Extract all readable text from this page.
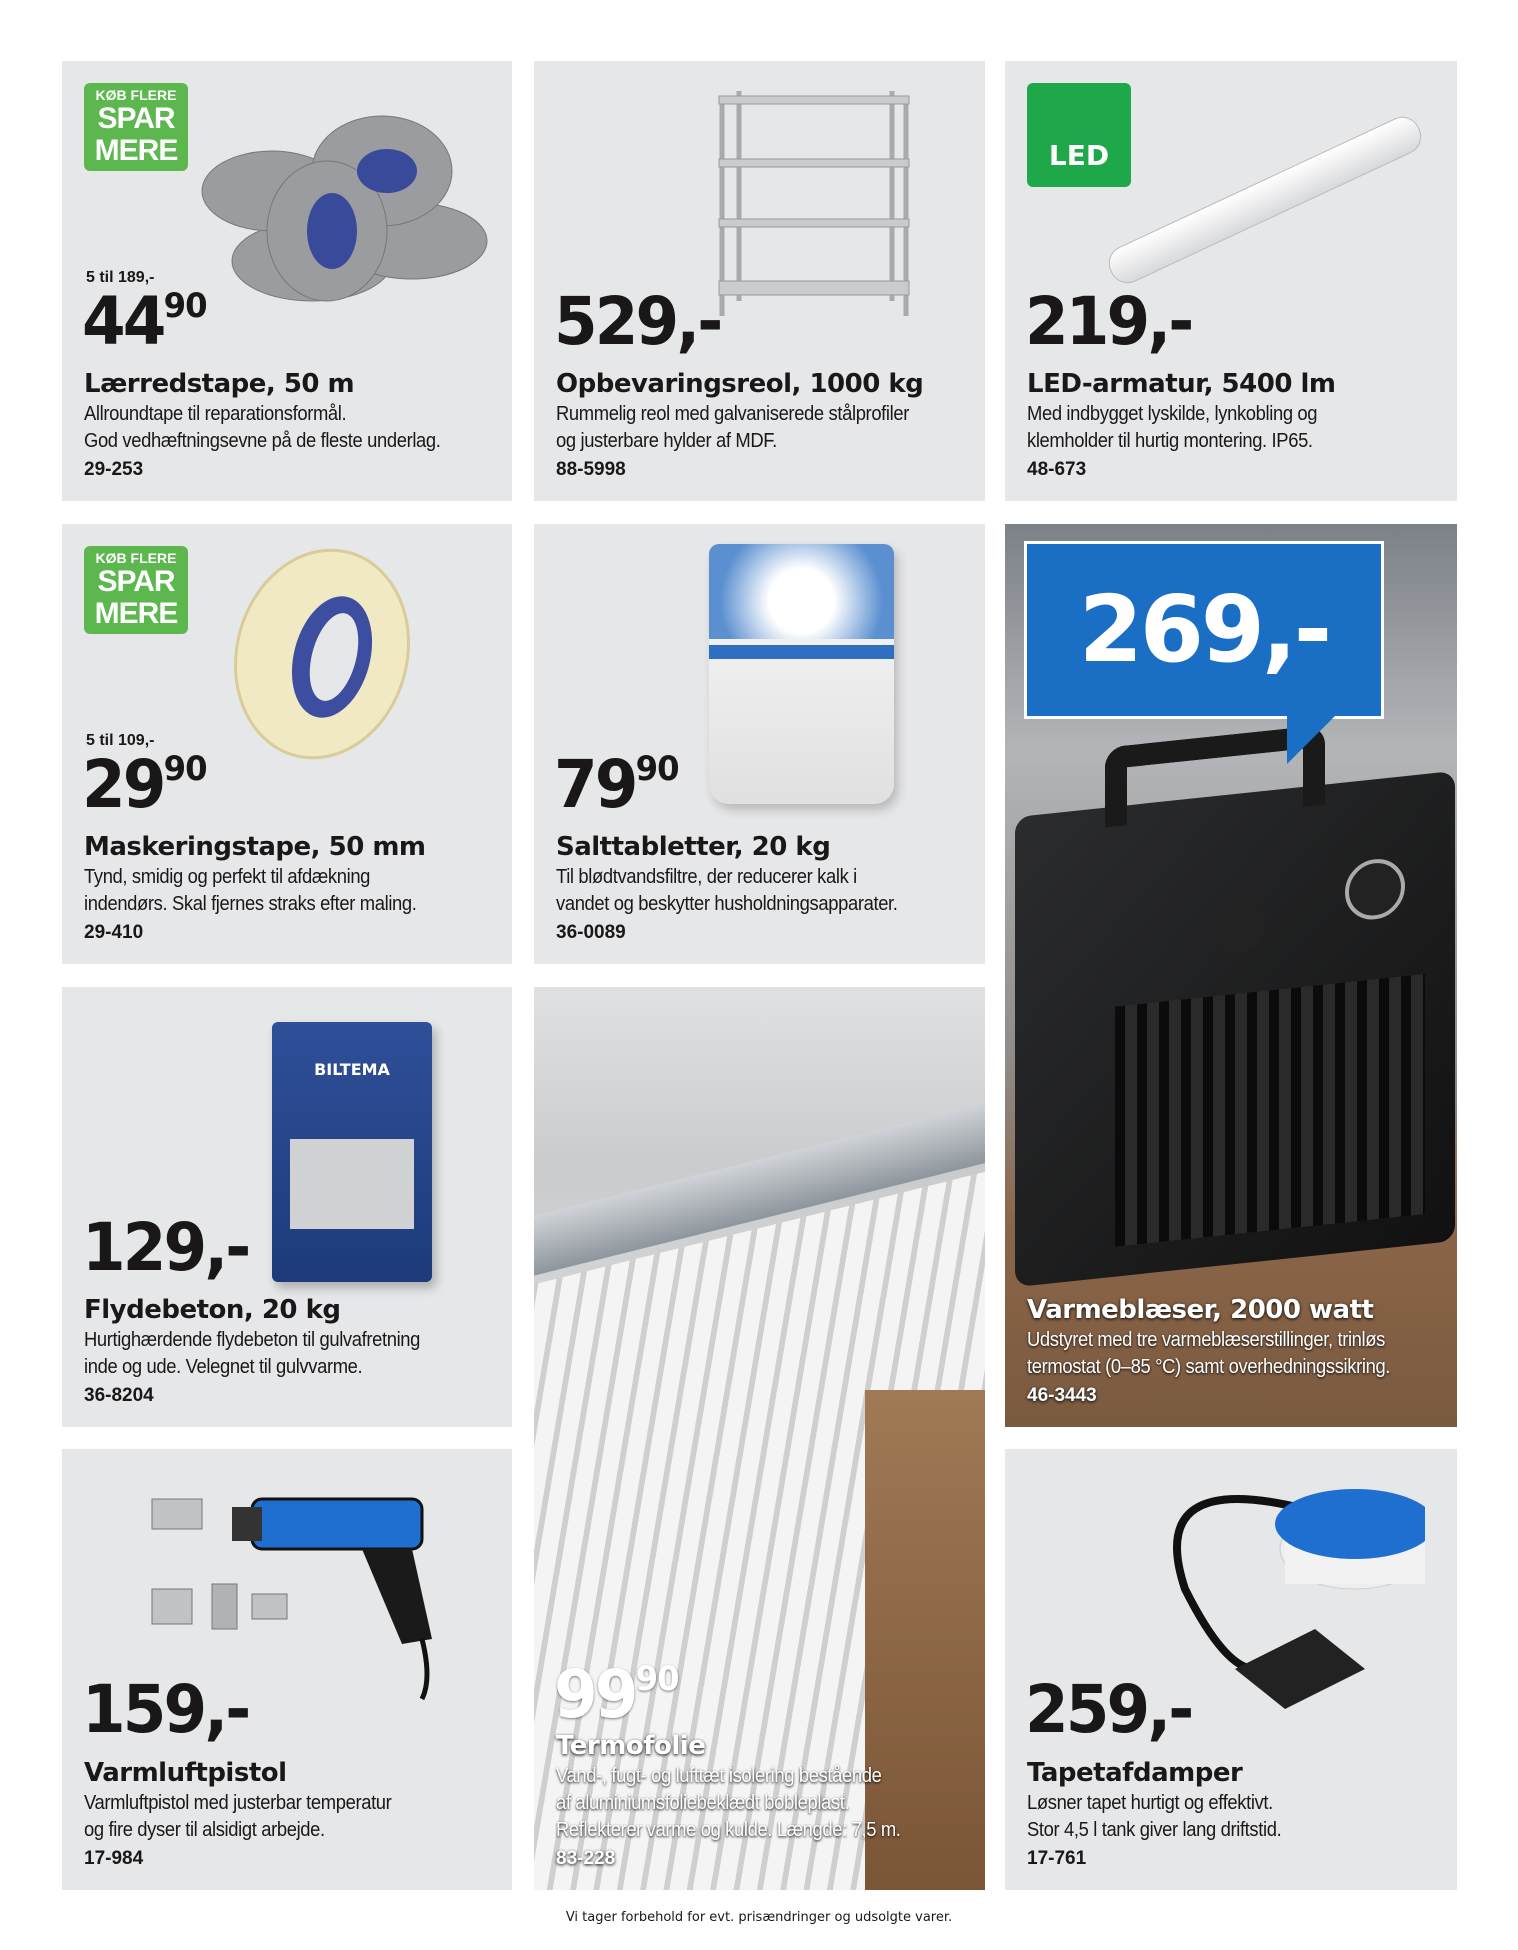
KØB FLERE
SPAR
MERE
5 til 189,-
$44^{90}$
Lærredstape, 50 m
Allroundtape til reparationsformål.
God vedhæftningsevne på de fleste underlag.
29-253
529,-
Opbevaringsreol, 1000 kg
Rummelig reol med galvaniserede stålprofiler
og justerbare hylder af MDF.
88-5998
LED
219,-
LED-armatur, 5400 lm
Med indbygget lyskilde, lynkobling og
klemholder til hurtig montering. IP65.
48-673
KØB FLERE
SPAR
MERE
5 til 109,-
$29^{90}$
Maskeringstape, 50 mm
Tynd, smidig og perfekt til afdækning
indendørs. Skal fjernes straks efter maling.
29-410
$79^{90}$
Salttabletter, 20 kg
Til blødtvandsfiltre, der reducerer kalk i
vandet og beskytter husholdningsapparater.
36-0089
269,-
Varmeblæser, 2000 watt
Udstyret med tre varmeblæserstillinger, trinløs
termostat (0–85 °C) samt overhedningssikring.
46-3443
BILTEMA
129,-
Flydebeton, 20 kg
Hurtighærdende flydebeton til gulvafretning
inde og ude. Velegnet til gulvvarme.
36-8204
$99^{90}$
Termofolie
Vand-, fugt- og lufttæt isolering bestående
af aluminiumsfoliebeklædt bobleplast.
Reflekterer varme og kulde. Længde: 7,5 m.
83-228
159,-
Varmluftpistol
Varmluftpistol med justerbar temperatur
og fire dyser til alsidigt arbejde.
17-984
259,-
Tapetafdamper
Løsner tapet hurtigt og effektivt.
Stor 4,5 l tank giver lang driftstid.
17-761
Vi tager forbehold for evt. prisændringer og udsolgte varer.
